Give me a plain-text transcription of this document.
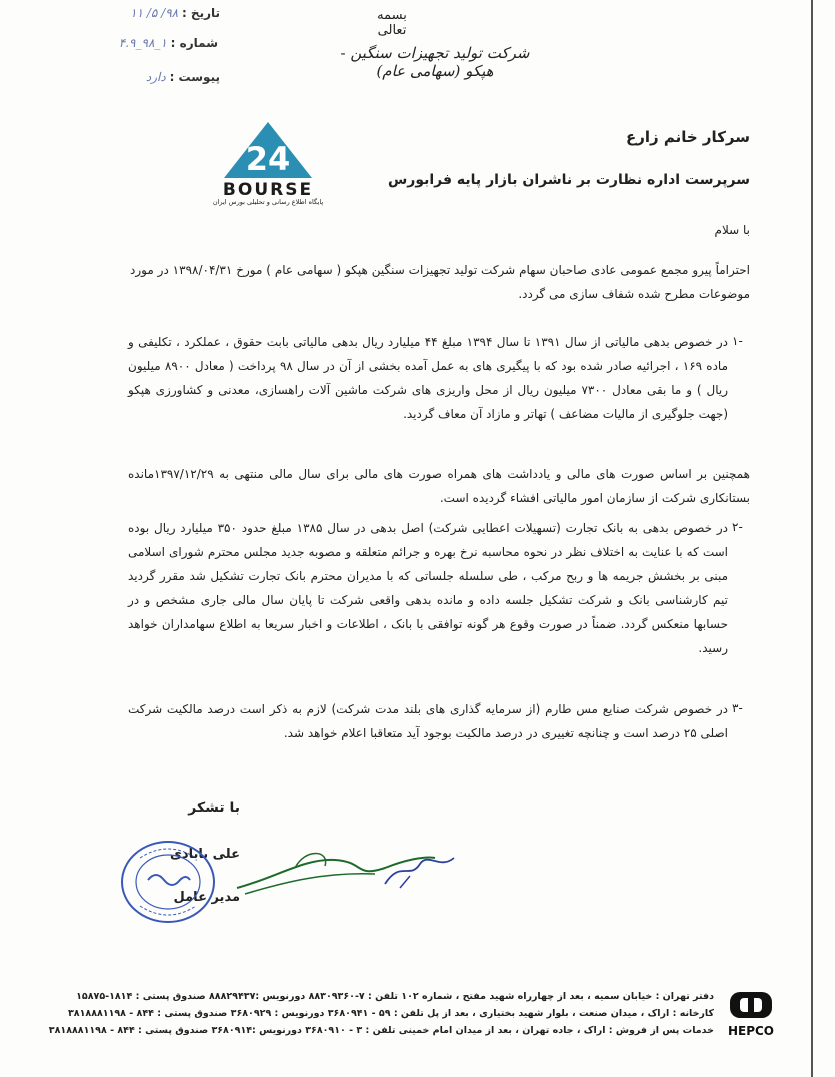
بسمه تعالی
تاریخ : ۹۸/ ۵/ ۱۱
شماره : ۱_۹۸_۴.۹
پیوست : دارد
شرکت تولید تجهیزات سنگین - هپکو (سهامی عام)
24
BOURSE
پایگاه اطلاع رسانی و تحلیلی بورس ایران
سرکار خانم زارع
سرپرست اداره نظارت بر ناشران بازار پایه فرابورس
با سلام
احتراماً پیرو مجمع عمومی عادی صاحبان سهام شرکت تولید تجهیزات سنگین هپکو ( سهامی عام ) مورخ ۱۳۹۸/۰۴/۳۱ در مورد موضوعات مطرح شده شفاف سازی می گردد.
-۱
در خصوص بدهی مالیاتی از سال ۱۳۹۱ تا سال ۱۳۹۴ مبلغ ۴۴ میلیارد ریال بدهی مالیاتی بابت حقوق ، عملکرد ، تکلیفی و ماده ۱۶۹ ، اجرائیه صادر شده بود که با پیگیری های به عمل آمده بخشی از آن در سال ۹۸ پرداخت ( معادل ۸۹۰۰ میلیون ریال ) و ما بقی معادل ۷۳۰۰ میلیون ریال از محل واریزی های شرکت ماشین آلات راهسازی، معدنی و کشاورزی هپکو (جهت جلوگیری از مالیات مضاعف ) تهاتر و مازاد آن معاف گردید.
همچنین بر اساس صورت های مالی و یادداشت های همراه صورت های مالی برای سال مالی منتهی به ۱۳۹۷/۱۲/۲۹مانده بستانکاری شرکت از سازمان امور مالیاتی افشاء گردیده است.
-۲
در خصوص بدهی به بانک تجارت (تسهیلات اعطایی شرکت) اصل بدهی در سال ۱۳۸۵ مبلغ حدود ۳۵۰ میلیارد ریال بوده است که با عنایت به اختلاف نظر در نحوه محاسبه نرخ بهره و جرائم متعلقه و مصوبه جدید مجلس محترم شورای اسلامی مبنی بر بخشش جریمه ها و ربح مرکب ، طی سلسله جلساتی که با مدیران محترم بانک تجارت تشکیل شد مقرر گردید تیم کارشناسی بانک و شرکت تشکیل جلسه داده و مانده بدهی واقعی شرکت تا پایان سال مالی جاری مشخص و در حسابها منعکس گردد. ضمناً در صورت وقوع هر گونه توافقی با بانک ، اطلاعات و اخبار سریعا به اطلاع سهامداران خواهد رسید.
-۳
در خصوص شرکت صنایع مس طارم (از سرمایه گذاری های بلند مدت شرکت) لازم به ذکر است درصد مالکیت شرکت اصلی ۲۵ درصد است و چنانچه تغییری در درصد مالکیت بوجود آید متعاقبا اعلام خواهد شد.
با تشکر
علی بابادی
مدیر عامل
دفتر تهران : خیابان سمیه ، بعد از چهارراه شهید مفتح ، شماره ۱۰۲ تلفن : ۷-۸۸۳۰۹۳۶۰ دورنویس :۸۸۸۲۹۴۳۷ صندوق پستی : ۱۸۱۴-۱۵۸۷۵
کارخانه : اراک ، میدان صنعت ، بلوار شهید بختیاری ، بعد از پل تلفن : ۵۹ - ۳۶۸۰۹۴۱ دورنویس : ۳۶۸۰۹۲۹ صندوق پستی : ۸۴۴ - ۳۸۱۸۸۸۱۱۹۸
خدمات پس از فروش : اراک ، جاده تهران ، بعد از میدان امام خمینی تلفن : ۳ - ۳۶۸۰۹۱۰ دورنویس :۳۶۸۰۹۱۴ صندوق پستی : ۸۴۴ - ۳۸۱۸۸۸۱۱۹۸	HEPCO
